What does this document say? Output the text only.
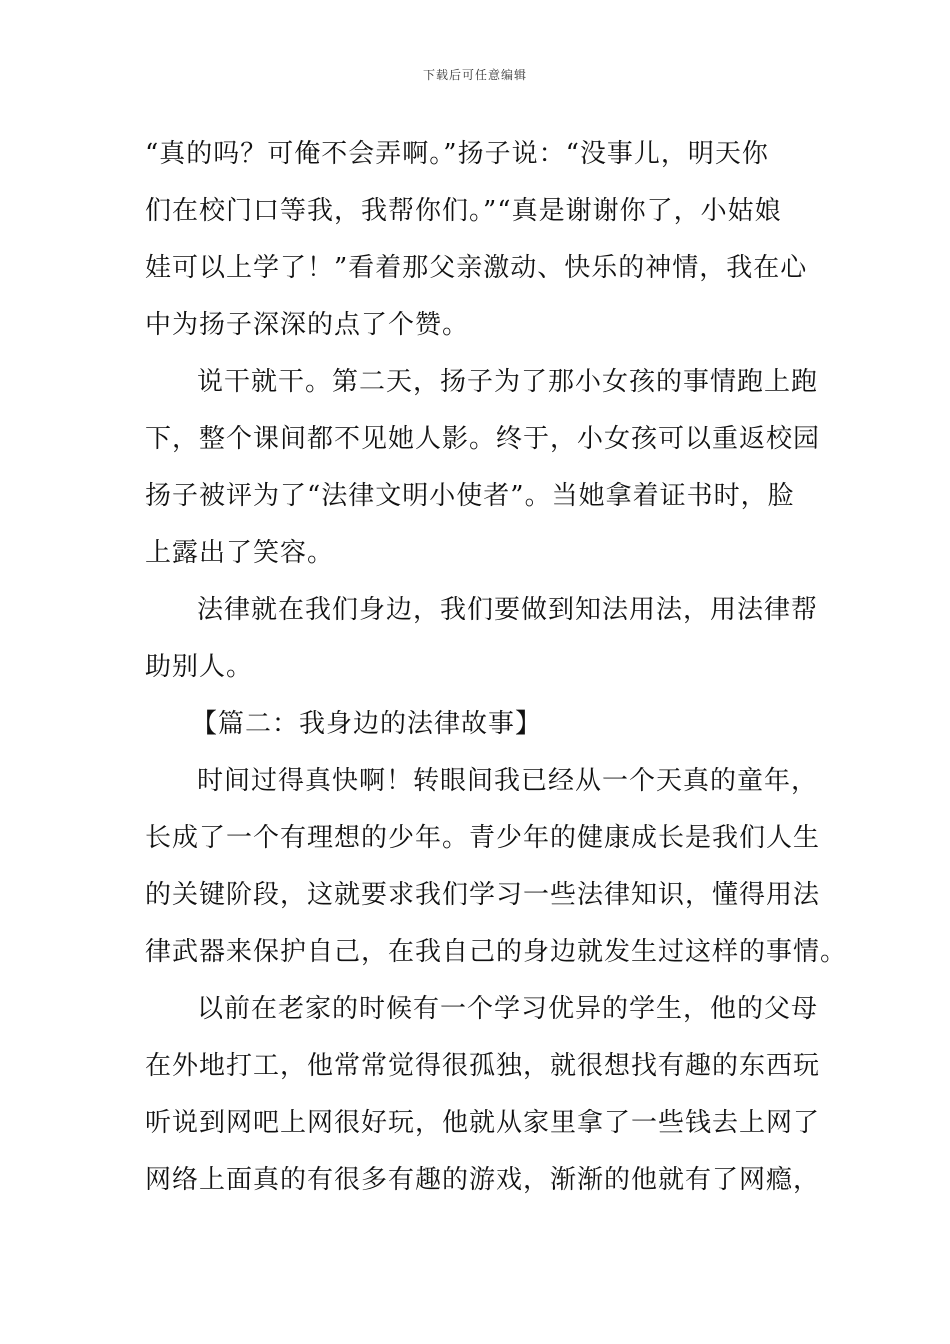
下载后可任意编辑
“真的吗？可俺不会弄啊。”扬子说：“没事儿，明天你
们在校门口等我，我帮你们。”“真是谢谢你了，小姑娘
娃可以上学了！”看着那父亲激动、快乐的神情，我在心
中为扬子深深的点了个赞。
说干就干。第二天，扬子为了那小女孩的事情跑上跑
下，整个课间都不见她人影。终于，小女孩可以重返校园
扬子被评为了“法律文明小使者”。当她拿着证书时，脸
上露出了笑容。
法律就在我们身边，我们要做到知法用法，用法律帮
助别人。
【篇二：我身边的法律故事】
时间过得真快啊！转眼间我已经从一个天真的童年，
长成了一个有理想的少年。青少年的健康成长是我们人生
的关键阶段，这就要求我们学习一些法律知识，懂得用法
律武器来保护自己，在我自己的身边就发生过这样的事情。
以前在老家的时候有一个学习优异的学生，他的父母
在外地打工，他常常觉得很孤独，就很想找有趣的东西玩
听说到网吧上网很好玩，他就从家里拿了一些钱去上网了
网络上面真的有很多有趣的游戏，渐渐的他就有了网瘾，
